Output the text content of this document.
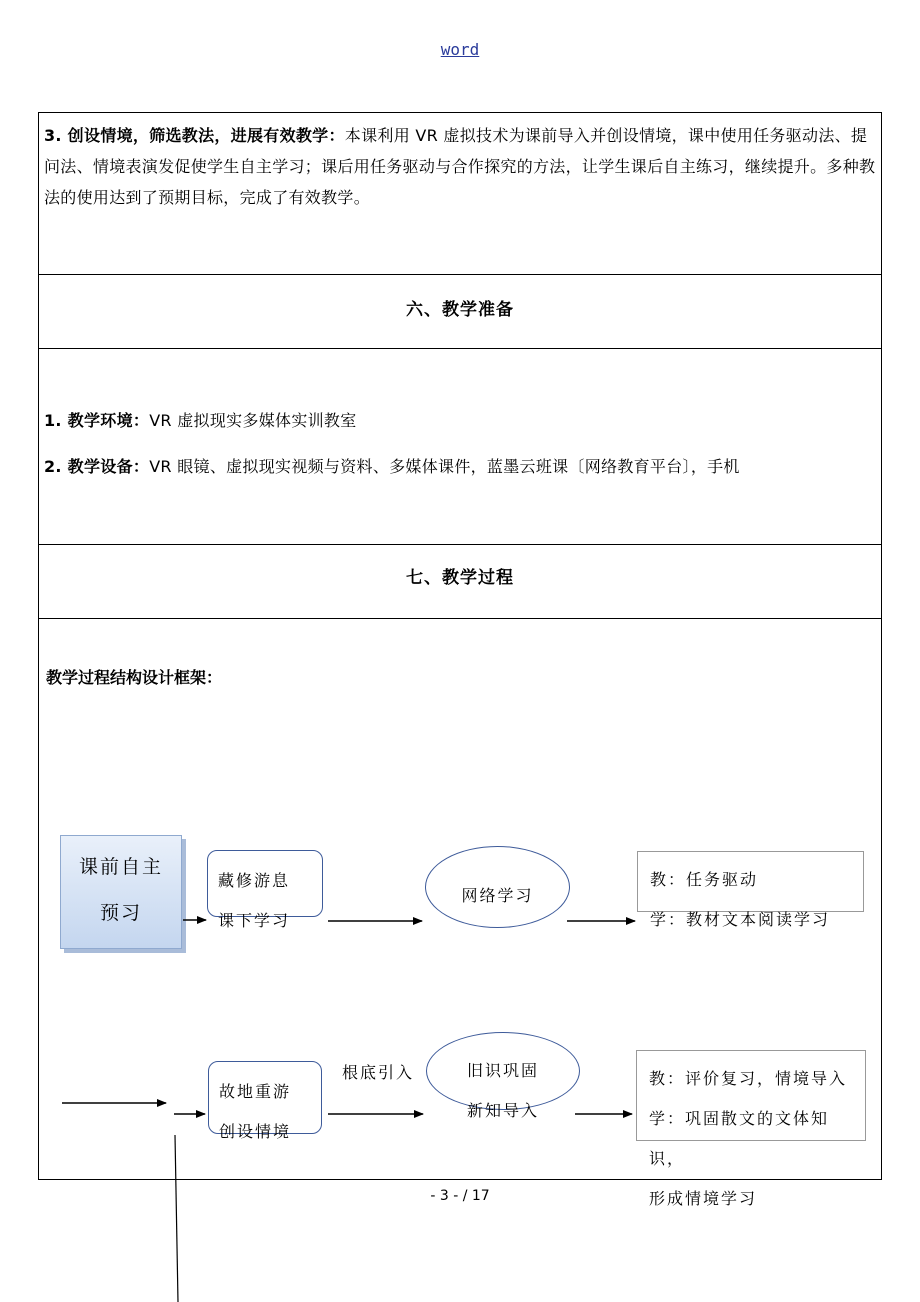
word
3. 创设情境，筛选教法，进展有效教学：本课利用 VR 虚拟技术为课前导入并创设情境，课中使用任务驱动法、提问法、情境表演发促使学生自主学习；课后用任务驱动与合作探究的方法，让学生课后自主练习，继续提升。多种教法的使用达到了预期目标，完成了有效教学。
六、教学准备
1. 教学环境：VR 虚拟现实多媒体实训教室
2. 教学设备：VR 眼镜、虚拟现实视频与资料、多媒体课件，蓝墨云班课〔网络教育平台〕，手机
七、教学过程
教学过程结构设计框架：
课前自主
预习
藏修游息
课下学习
网络学习
教：任务驱动
学：教材文本阅读学习
故地重游
创设情境
根底引入	旧识巩固
新知导入
教：评价复习，情境导入
学：巩固散文的文体知识，
形成情境学习
- 3 - / 17
